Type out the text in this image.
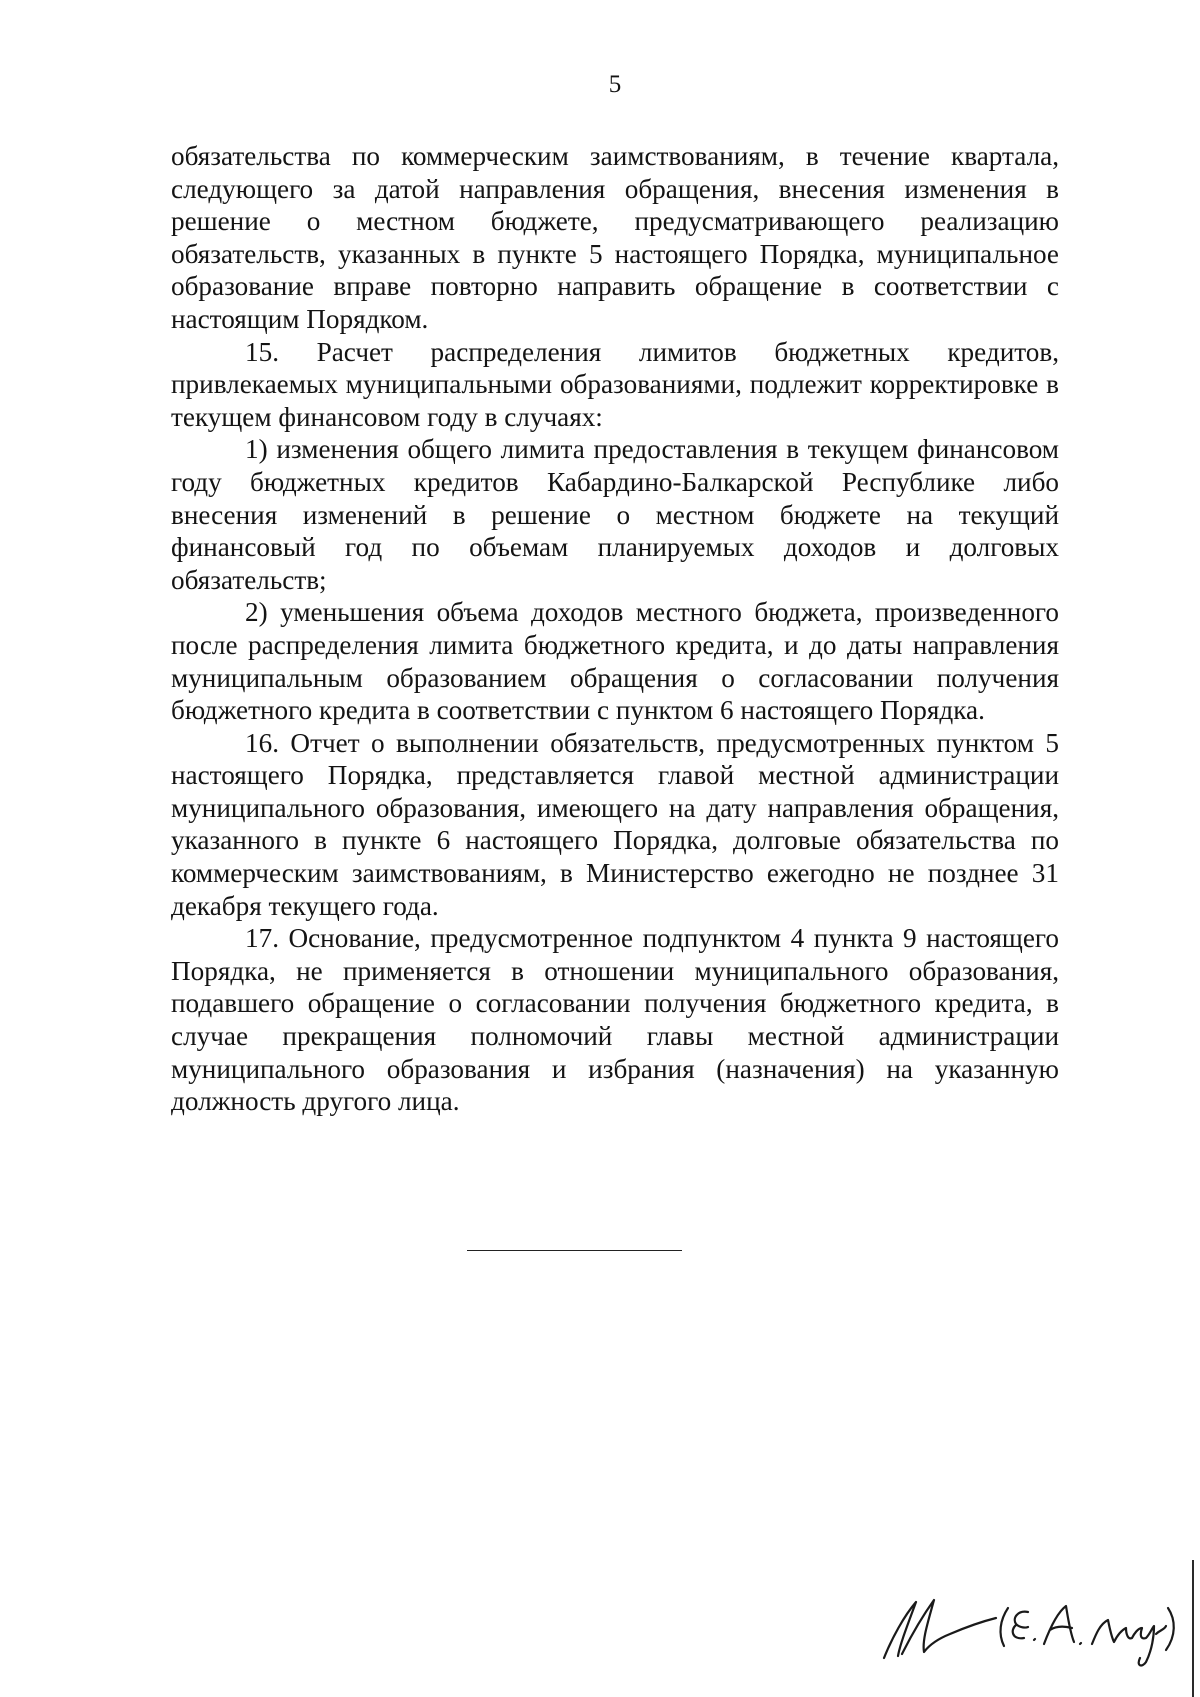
5

обязательства по коммерческим заимствованиям, в течение квартала, следующего за датой направления обращения, внесения изменения в решение о местном бюджете, предусматривающего реализацию обязательств, указанных в пункте 5 настоящего Порядка, муниципальное образование вправе повторно направить обращение в соответствии с настоящим Порядком.

15. Расчет распределения лимитов бюджетных кредитов, привлекаемых муниципальными образованиями, подлежит корректировке в текущем финансовом году в случаях:

1) изменения общего лимита предоставления в текущем финансовом году бюджетных кредитов Кабардино-Балкарской Республике либо внесения изменений в решение о местном бюджете на текущий финансовый год по объемам планируемых доходов и долговых обязательств;

2) уменьшения объема доходов местного бюджета, произведенного после распределения лимита бюджетного кредита, и до даты направления муниципальным образованием обращения о согласовании получения бюджетного кредита в соответствии с пунктом 6 настоящего Порядка.

16. Отчет о выполнении обязательств, предусмотренных пунктом 5 настоящего Порядка, представляется главой местной администрации муниципального образования, имеющего на дату направления обращения, указанного в пункте 6 настоящего Порядка, долговые обязательства по коммерческим заимствованиям, в Министерство ежегодно не позднее 31 декабря текущего года.

17. Основание, предусмотренное подпунктом 4 пункта 9 настоящего Порядка, не применяется в отношении муниципального образования, подавшего обращение о согласовании получения бюджетного кредита, в случае прекращения полномочий главы местной администрации муниципального образования и избрания (назначения) на указанную должность другого лица.
